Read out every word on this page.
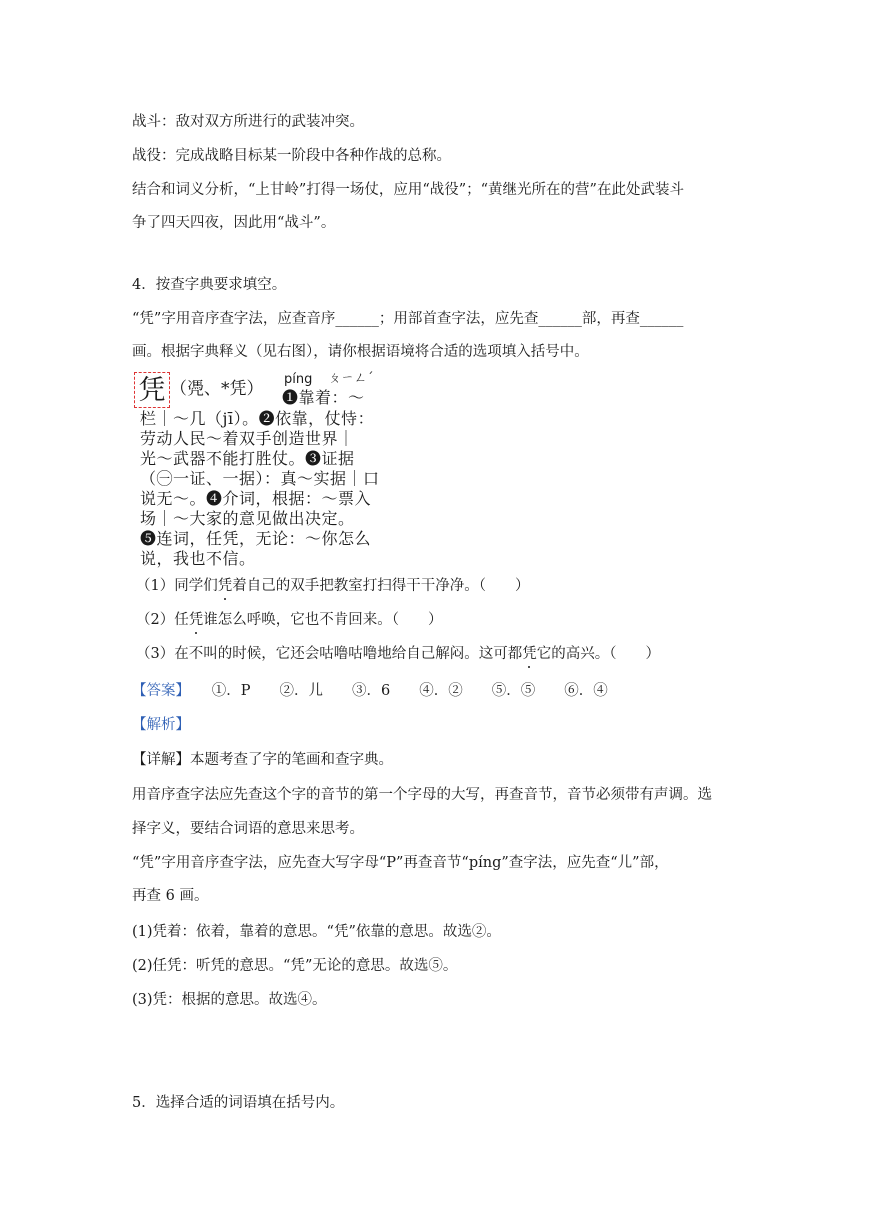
战斗：敌对双方所进行的武装冲突。
战役：完成战略目标某一阶段中各种作战的总称。
结合和词义分析，“上甘岭”打得一场仗，应用“战役”；“黄继光所在的营”在此处武装斗
争了四天四夜，因此用“战斗”。
4．按查字典要求填空。
“凭”字用音序查字法，应查音序______；用部首查字法，应先查______部，再查______
画。根据字典释义（见右图），请你根据语境将合适的选项填入括号中。
凭 （凴、*凭） píng ㄆㄧㄥˊ
❶靠着：～
栏｜～几（jī）。❷依靠，仗恃：
劳动人民～着双手创造世界｜
光～武器不能打胜仗。❸证据
（㊀一证、一据）：真～实据｜口
说无～。❹介词，根据：～票入
场｜～大家的意见做出决定。
❺连词，任凭，无论：～你怎么
说，我也不信。
（1）同学们凭着自己的双手把教室打扫得干干净净。（　　）
（2）任凭谁怎么呼唤，它也不肯回来。（　　）
（3）在不叫的时候，它还会咕噜咕噜地给自己解闷。这可都凭它的高兴。（　　）
【答案】　　①．P　　②．儿　　③．6　　④．②　　⑤．⑤　　⑥．④
【解析】
【详解】本题考查了字的笔画和查字典。
用音序查字法应先查这个字的音节的第一个字母的大写，再查音节，音节必须带有声调。选
择字义，要结合词语的意思来思考。
“凭”字用音序查字法，应先查大写字母“P”再查音节“píng”查字法，应先查“儿”部，
再查 6 画。
(1)凭着：依着，靠着的意思。“凭”依靠的意思。故选②。
(2)任凭：听凭的意思。“凭”无论的意思。故选⑤。
(3)凭：根据的意思。故选④。
5．选择合适的词语填在括号内。
